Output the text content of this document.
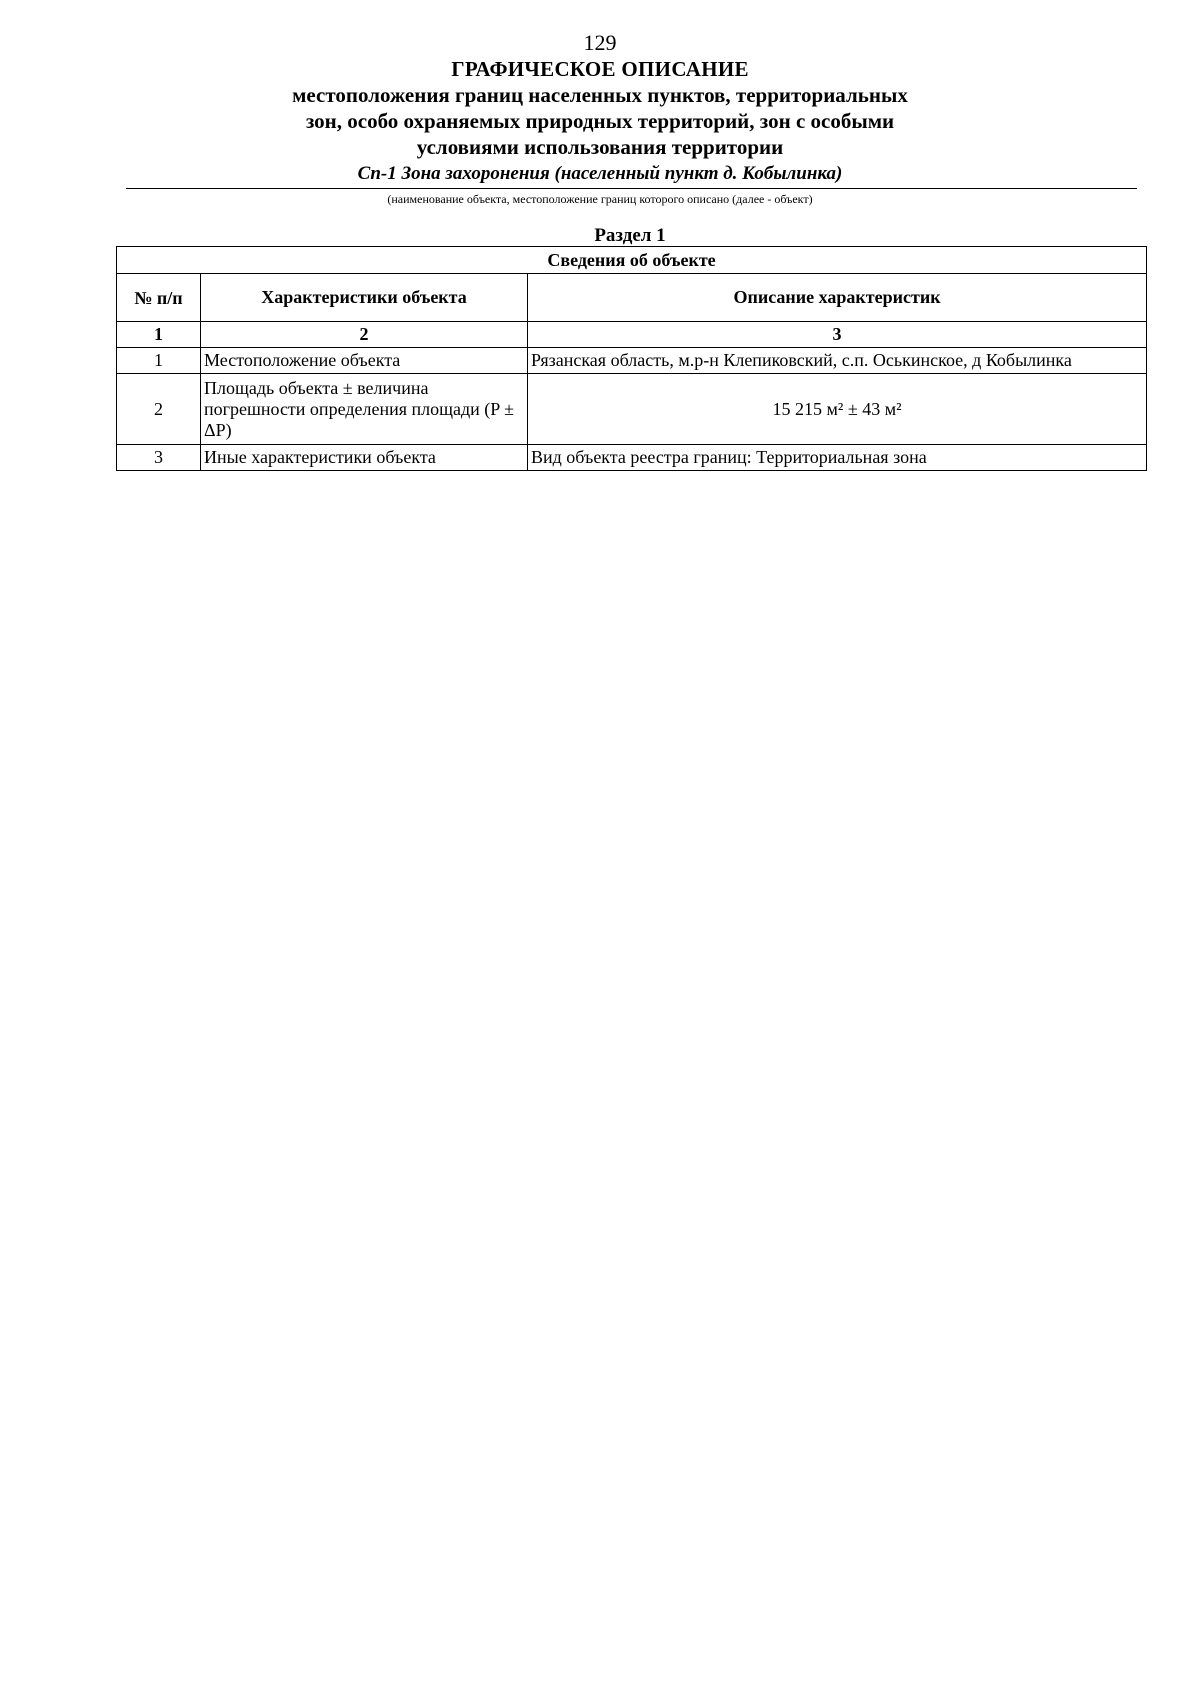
129
ГРАФИЧЕСКОЕ ОПИСАНИЕ
местоположения границ населенных пунктов, территориальных
зон, особо охраняемых природных территорий, зон с особыми
условиями использования территории
Сп-1 Зона захоронения (населенный пункт д. Кобылинка)
(наименование объекта, местоположение границ которого описано (далее - объект)
Раздел 1
Сведения об объекте		
№ п/п	Характеристики объекта	Описание характеристик
1	2	3
1	Местоположение объекта	Рязанская область, м.р-н Клепиковский, с.п. Оськинское, д Кобылинка
2	Площадь объекта ± величина погрешности определения площади (P ± ΔP)	15 215 м² ± 43 м²
3	Иные характеристики объекта	Вид объекта реестра границ: Территориальная зона
